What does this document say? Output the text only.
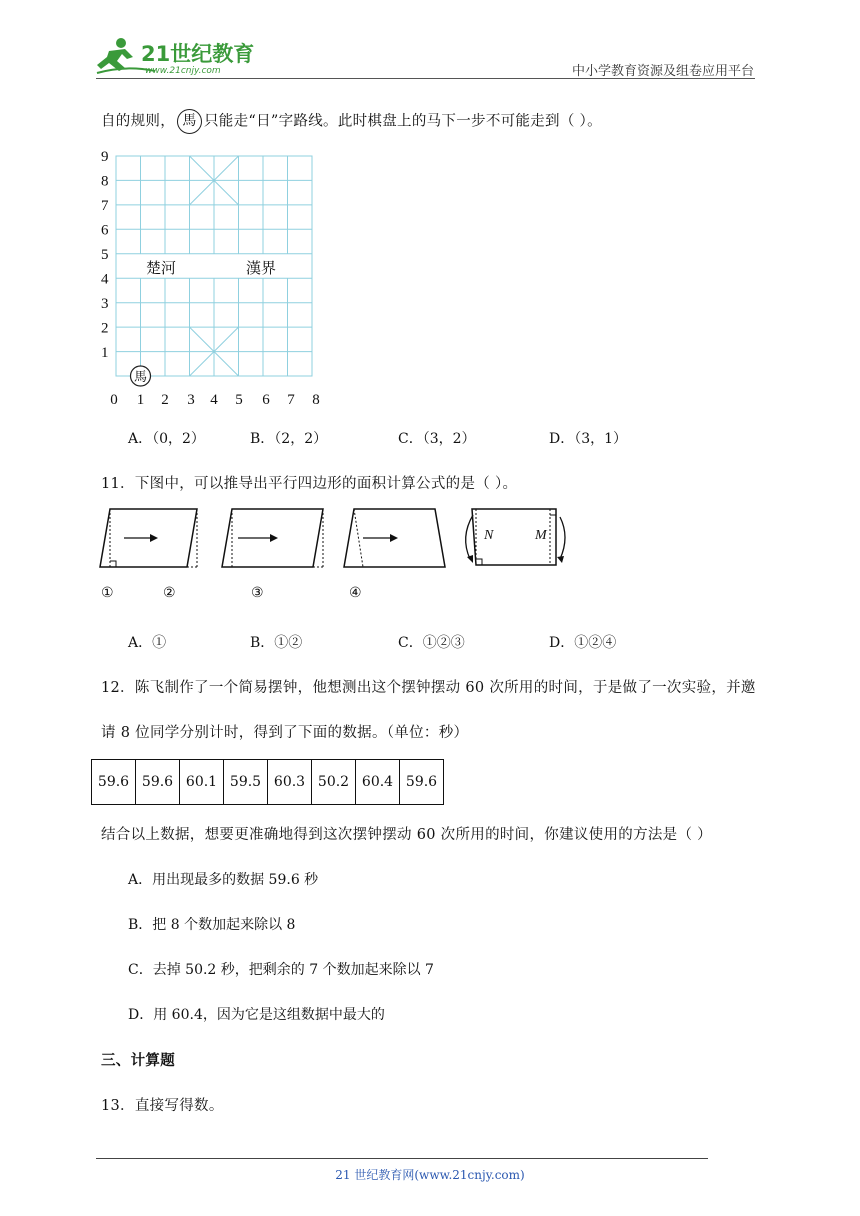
21世纪教育
www.21cnjy.com	中小学教育资源及组卷应用平台
自的规则， 馬 只能走“日”字路线。此时棋盘上的马下一步不可能走到（ ）。
9
8
7
6
5
4
3
2
1
0 1 2 3 4 5 6 7 8
楚河	漢界
馬
A．（0，2）	B．（2，2）	C．（3，2）	D．（3，1）
11．下图中，可以推导出平行四边形的面积计算公式的是（ ）。
N	M
①	②	③	④
A．①	B．①②	C．①②③	D．①②④
12．陈飞制作了一个简易摆钟，他想测出这个摆钟摆动 60 次所用的时间，于是做了一次实验，并邀
请 8 位同学分别计时，得到了下面的数据。（单位：秒）
59.6	59.6	60.1	59.5	60.3	50.2	60.4	59.6
结合以上数据，想要更准确地得到这次摆钟摆动 60 次所用的时间，你建议使用的方法是（ ）
A．用出现最多的数据 59.6 秒
B．把 8 个数加起来除以 8
C．去掉 50.2 秒，把剩余的 7 个数加起来除以 7
D．用 60.4，因为它是这组数据中最大的
三、计算题
13．直接写得数。
21 世纪教育网(www.21cnjy.com)
